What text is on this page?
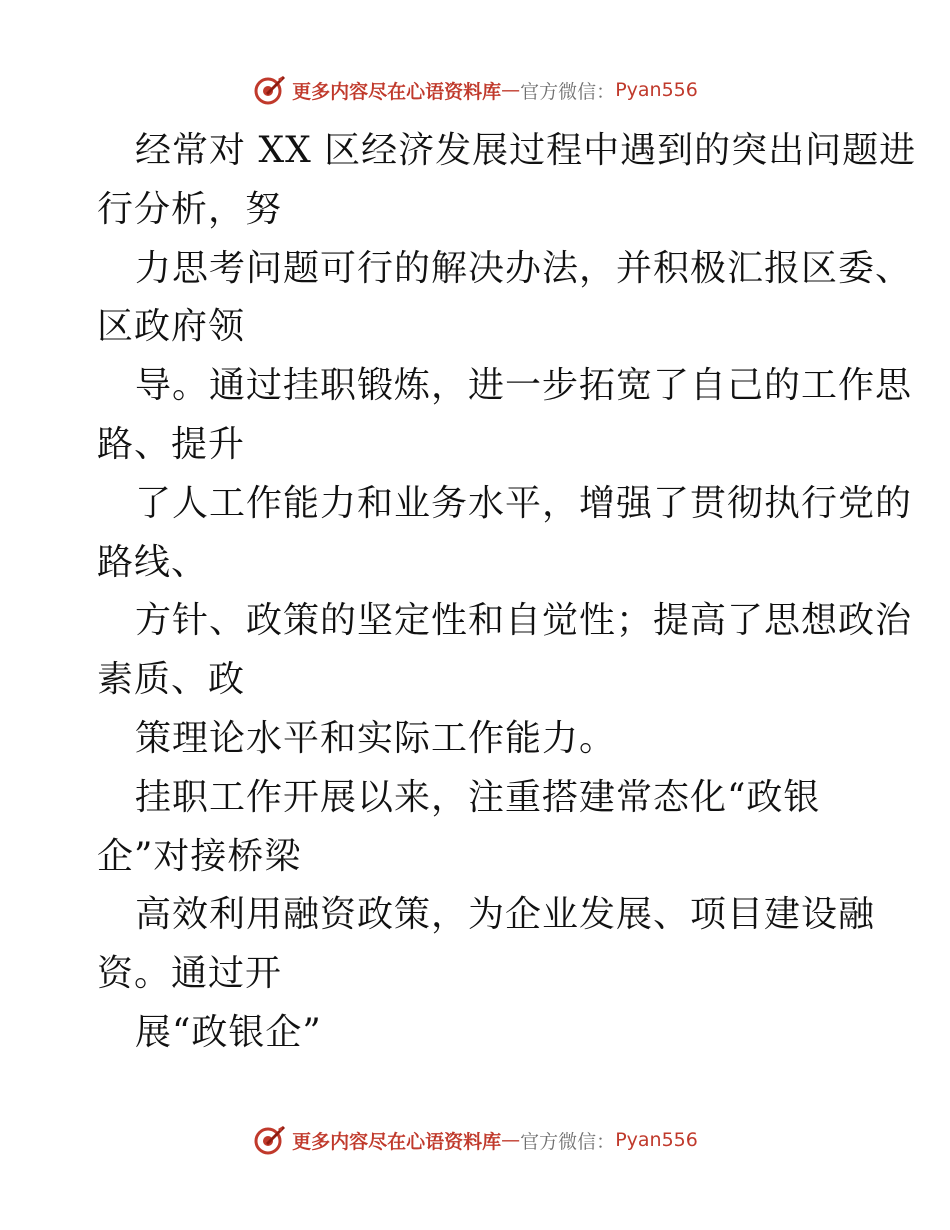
更多内容尽在心语资料库 — 官方微信： Pyan556
经常对 XX 区经济发展过程中遇到的突出问题进
行分析，努
力思考问题可行的解决办法，并积极汇报区委、
区政府领
导。通过挂职锻炼，进一步拓宽了自己的工作思
路、提升
了人工作能力和业务水平，增强了贯彻执行党的
路线、
方针、政策的坚定性和自觉性；提高了思想政治
素质、政
策理论水平和实际工作能力。
挂职工作开展以来，注重搭建常态化“政银
企”对接桥梁
高效利用融资政策，为企业发展、项目建设融
资。通过开
展“政银企”
更多内容尽在心语资料库 — 官方微信： Pyan556
